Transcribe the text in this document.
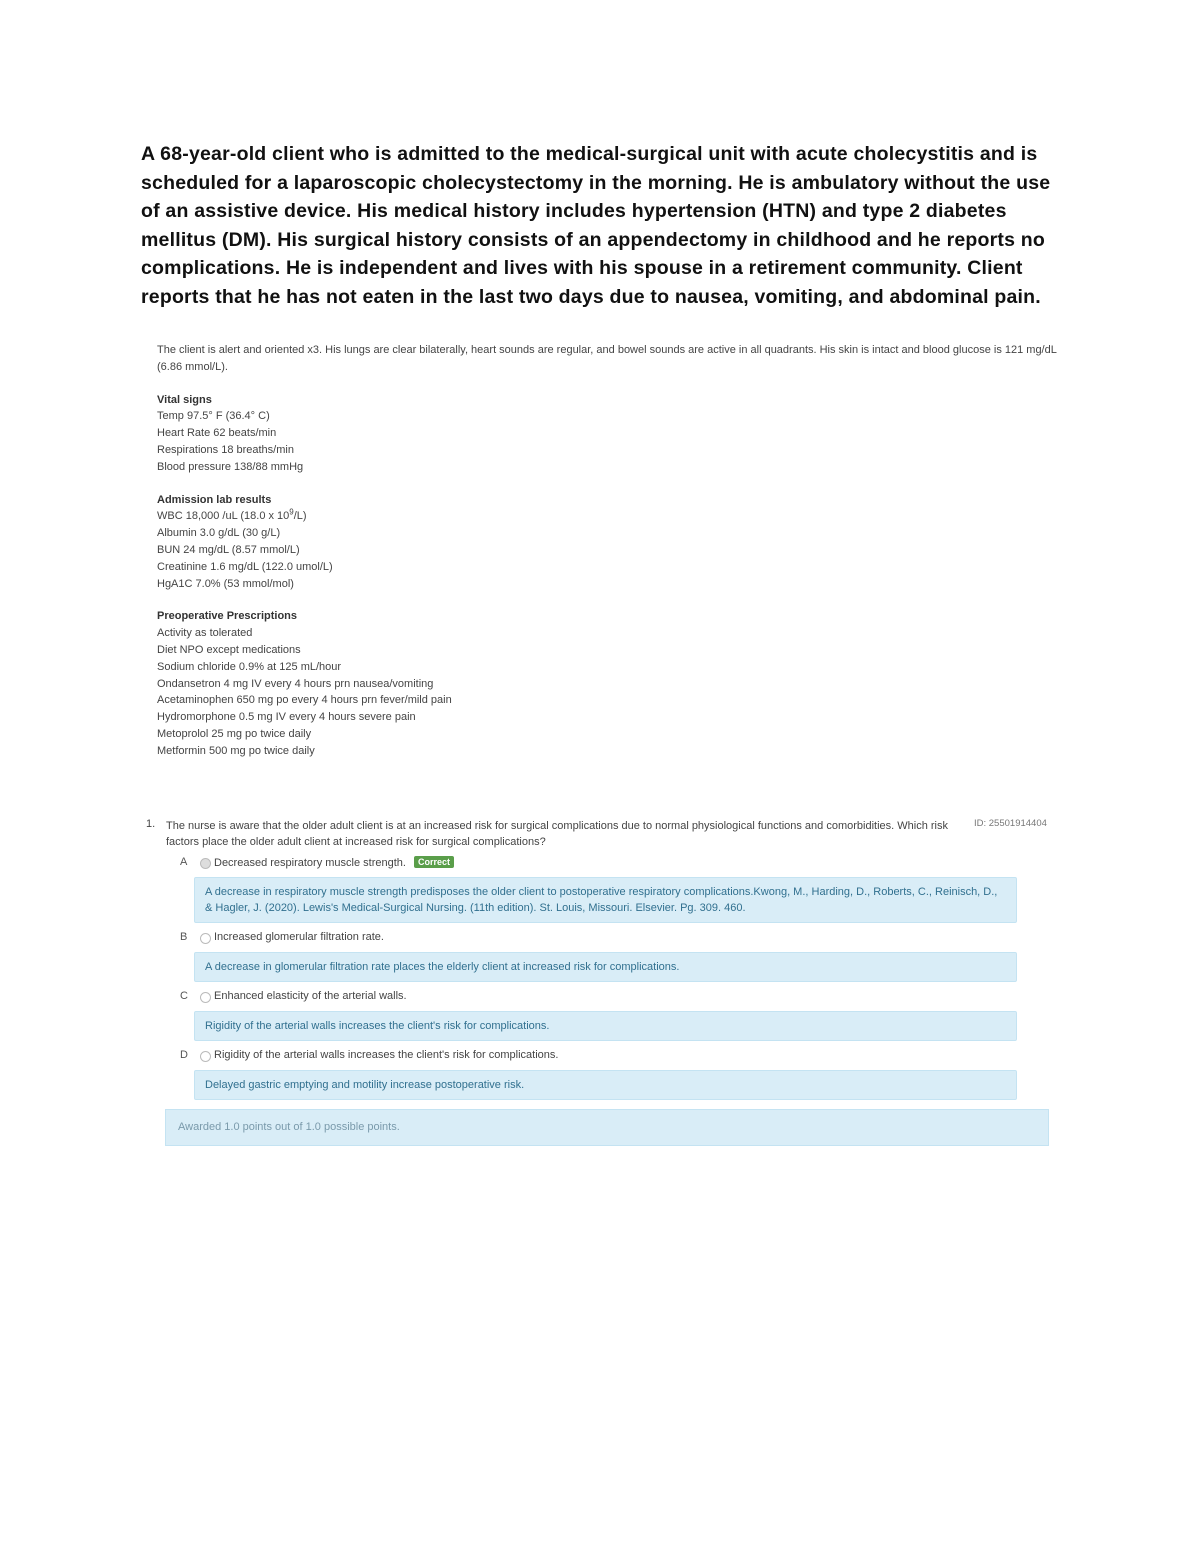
A 68-year-old client who is admitted to the medical-surgical unit with acute cholecystitis and is scheduled for a laparoscopic cholecystectomy in the morning. He is ambulatory without the use of an assistive device. His medical history includes hypertension (HTN) and type 2 diabetes mellitus (DM). His surgical history consists of an appendectomy in childhood and he reports no complications. He is independent and lives with his spouse in a retirement community. Client reports that he has not eaten in the last two days due to nausea, vomiting, and abdominal pain.

The client is alert and oriented x3. His lungs are clear bilaterally, heart sounds are regular, and bowel sounds are active in all quadrants. His skin is intact and blood glucose is 121 mg/dL (6.86 mmol/L).

Vital signs

Temp 97.5° F (36.4° C)
Heart Rate 62 beats/min
Respirations 18 breaths/min
Blood pressure 138/88 mmHg

Admission lab results

WBC 18,000 /uL (18.0 x $10^9/L$)
Albumin 3.0 g/dL (30 g/L)
BUN 24 mg/dL (8.57 mmol/L)
Creatinine 1.6 mg/dL (122.0 umol/L)
HgA1C 7.0% (53 mmol/mol)

Preoperative Prescriptions

Activity as tolerated
Diet NPO except medications
Sodium chloride 0.9% at 125 mL/hour
Ondansetron 4 mg IV every 4 hours prn nausea/vomiting
Acetaminophen 650 mg po every 4 hours prn fever/mild pain
Hydromorphone 0.5 mg IV every 4 hours severe pain
Metoprolol 25 mg po twice daily
Metformin 500 mg po twice daily
1. The nurse is aware that the older adult client is at an increased risk for surgical complications due to normal physiological functions and comorbidities. Which risk factors place the older adult client at increased risk for surgical complications?
ID: 25501914404
A Decreased respiratory muscle strength. Correct
A decrease in respiratory muscle strength predisposes the older client to postoperative respiratory complications.Kwong, M., Harding, D., Roberts, C., Reinisch, D., & Hagler, J. (2020). Lewis's Medical-Surgical Nursing. (11th edition). St. Louis, Missouri. Elsevier. Pg. 309. 460.
B Increased glomerular filtration rate.
A decrease in glomerular filtration rate places the elderly client at increased risk for complications.
C Enhanced elasticity of the arterial walls.
Rigidity of the arterial walls increases the client's risk for complications.
D Rigidity of the arterial walls increases the client's risk for complications.
Delayed gastric emptying and motility increase postoperative risk.
Awarded 1.0 points out of 1.0 possible points.
